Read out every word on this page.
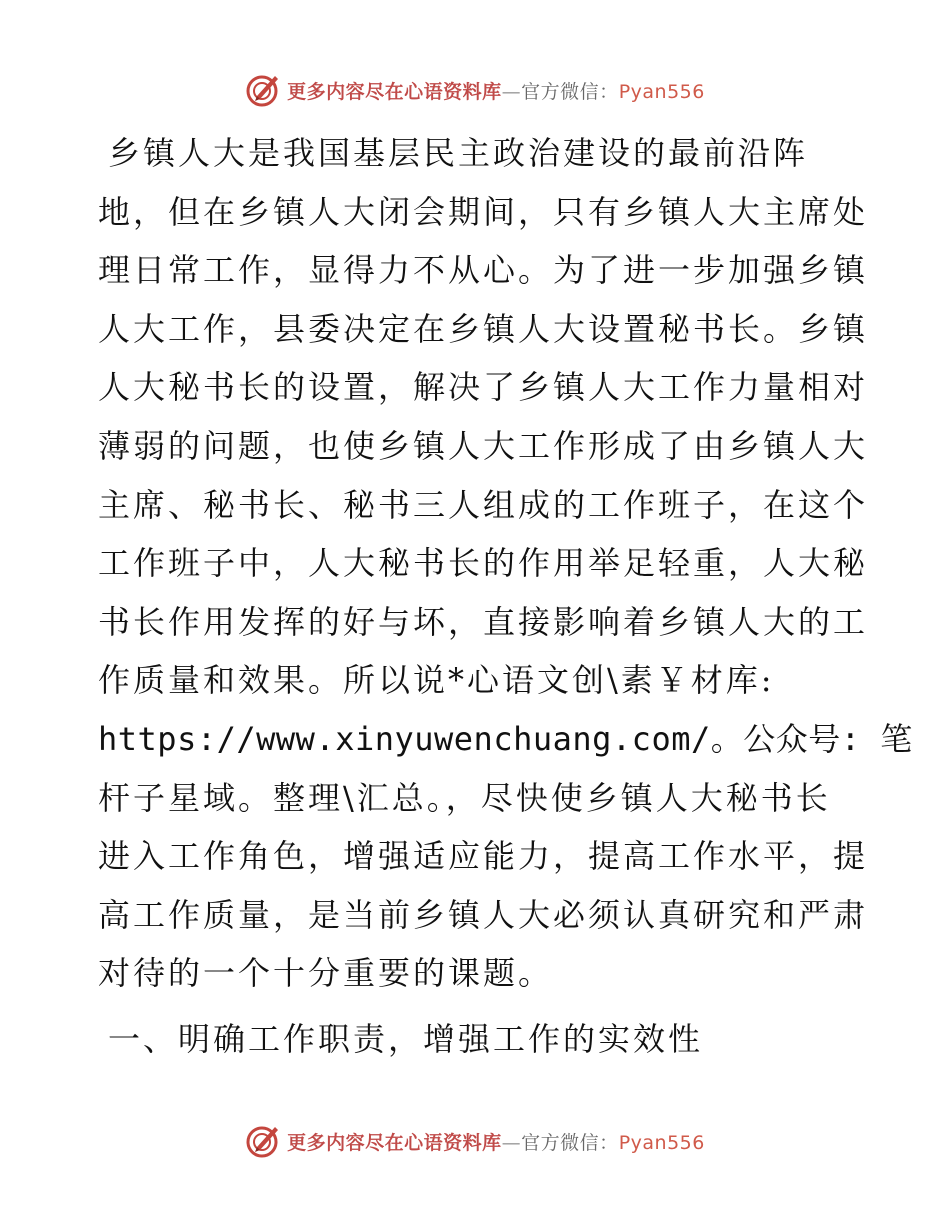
更多内容尽在心语资料库—官方微信：Pyan556
乡镇人大是我国基层民主政治建设的最前沿阵
地，但在乡镇人大闭会期间，只有乡镇人大主席处
理日常工作，显得力不从心。为了进一步加强乡镇
人大工作，县委决定在乡镇人大设置秘书长。乡镇
人大秘书长的设置，解决了乡镇人大工作力量相对
薄弱的问题，也使乡镇人大工作形成了由乡镇人大
主席、秘书长、秘书三人组成的工作班子，在这个
工作班子中，人大秘书长的作用举足轻重，人大秘
书长作用发挥的好与坏，直接影响着乡镇人大的工
作质量和效果。所以说*心语文创\素￥材库:
https://www.xinyuwenchuang.com/。公众号: 笔
杆子星域。整理\汇总。，尽快使乡镇人大秘书长
进入工作角色，增强适应能力，提高工作水平，提
高工作质量，是当前乡镇人大必须认真研究和严肃
对待的一个十分重要的课题。
一、明确工作职责，增强工作的实效性
更多内容尽在心语资料库—官方微信：Pyan556
